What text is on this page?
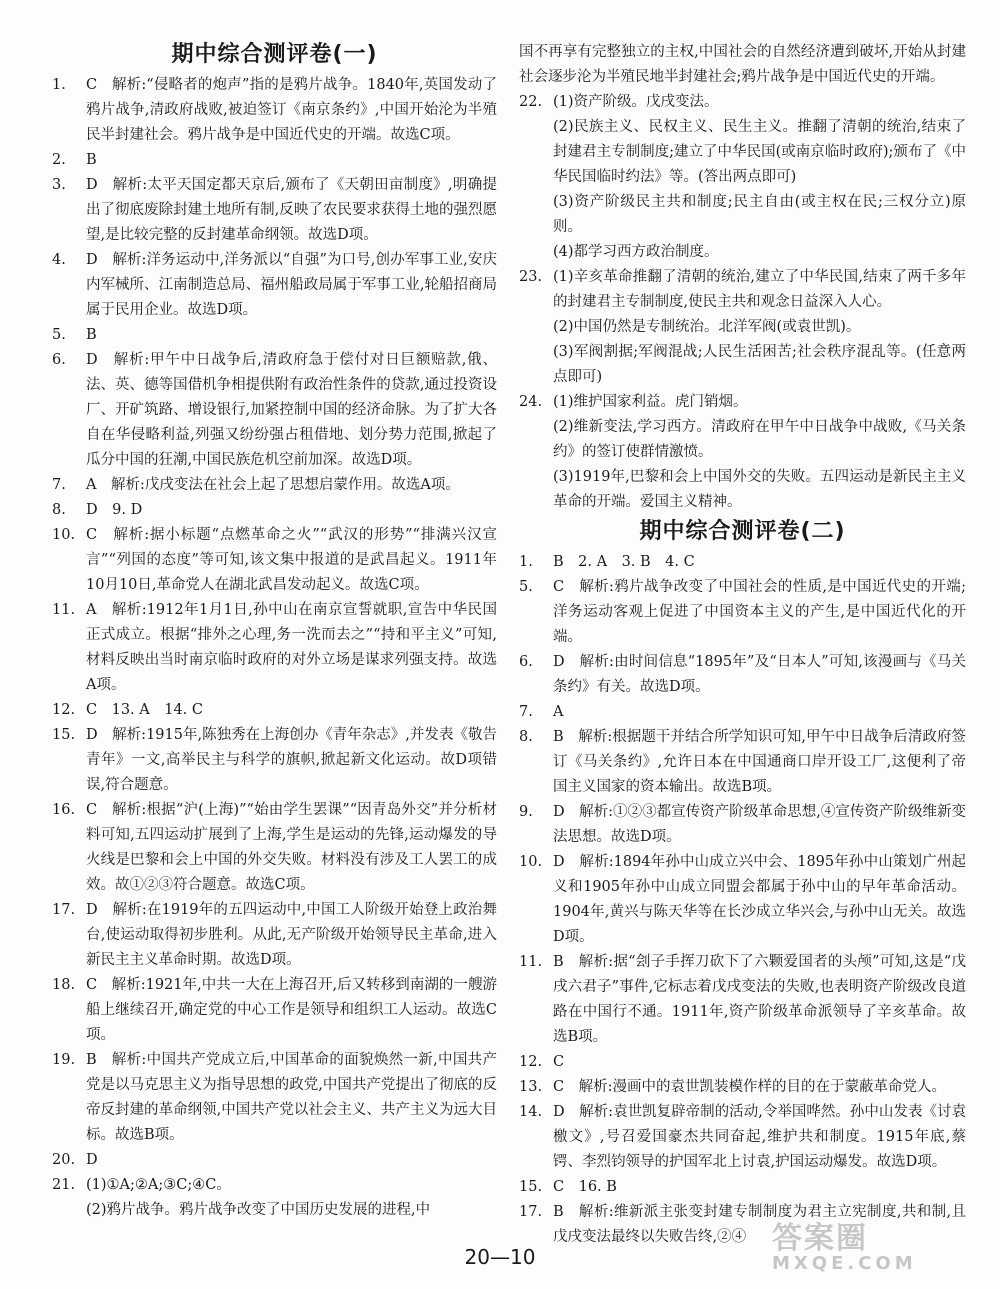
期中综合测评卷(一)
1.	C　解析:“侵略者的炮声”指的是鸦片战争。1840年,英国发动了鸦片战争,清政府战败,被迫签订《南京条约》,中国开始沦为半殖民半封建社会。鸦片战争是中国近代史的开端。故选C项。
2.	B
3.	D　解析:太平天国定都天京后,颁布了《天朝田亩制度》,明确提出了彻底废除封建土地所有制,反映了农民要求获得土地的强烈愿望,是比较完整的反封建革命纲领。故选D项。
4.	D　解析:洋务运动中,洋务派以“自强”为口号,创办军事工业,安庆内军械所、江南制造总局、福州船政局属于军事工业,轮船招商局属于民用企业。故选D项。
5.	B
6.	D　解析:甲午中日战争后,清政府急于偿付对日巨额赔款,俄、法、英、德等国借机争相提供附有政治性条件的贷款,通过投资设厂、开矿筑路、增设银行,加紧控制中国的经济命脉。为了扩大各自在华侵略利益,列强又纷纷强占租借地、划分势力范围,掀起了瓜分中国的狂潮,中国民族危机空前加深。故选D项。
7.	A　解析:戊戌变法在社会上起了思想启蒙作用。故选A项。
8.	D　9. D
10. C　解析:据小标题“点燃革命之火”“武汉的形势”“排满兴汉宣言”“列国的态度”等可知,该文集中报道的是武昌起义。1911年10月10日,革命党人在湖北武昌发动起义。故选C项。
11. A　解析:1912年1月1日,孙中山在南京宣誓就职,宣告中华民国正式成立。根据“排外之心理,务一洗而去之”“持和平主义”可知,材料反映出当时南京临时政府的对外立场是谋求列强支持。故选A项。
12. C　13. A　14. C
15. D　解析:1915年,陈独秀在上海创办《青年杂志》,并发表《敬告青年》一文,高举民主与科学的旗帜,掀起新文化运动。故D项错误,符合题意。
16. C　解析:根据“沪(上海)”“始由学生罢课”“因青岛外交”并分析材料可知,五四运动扩展到了上海,学生是运动的先锋,运动爆发的导火线是巴黎和会上中国的外交失败。材料没有涉及工人罢工的成效。故①②③符合题意。故选C项。
17. D　解析:在1919年的五四运动中,中国工人阶级开始登上政治舞台,使运动取得初步胜利。从此,无产阶级开始领导民主革命,进入新民主主义革命时期。故选D项。
18. C　解析:1921年,中共一大在上海召开,后又转移到南湖的一艘游船上继续召开,确定党的中心工作是领导和组织工人运动。故选C项。
19. B　解析:中国共产党成立后,中国革命的面貌焕然一新,中国共产党是以马克思主义为指导思想的政党,中国共产党提出了彻底的反帝反封建的革命纲领,中国共产党以社会主义、共产主义为远大目标。故选B项。
20. D
21. (1)①A;②A;③C;④C。
(2)鸦片战争。鸦片战争改变了中国历史发展的进程,中
国不再享有完整独立的主权,中国社会的自然经济遭到破坏,开始从封建社会逐步沦为半殖民地半封建社会;鸦片战争是中国近代史的开端。
22. (1)资产阶级。戊戌变法。
(2)民族主义、民权主义、民生主义。推翻了清朝的统治,结束了封建君主专制制度;建立了中华民国(或南京临时政府);颁布了《中华民国临时约法》等。(答出两点即可)
(3)资产阶级民主共和制度;民主自由(或主权在民;三权分立)原则。
(4)都学习西方政治制度。
23. (1)辛亥革命推翻了清朝的统治,建立了中华民国,结束了两千多年的封建君主专制制度,使民主共和观念日益深入人心。
(2)中国仍然是专制统治。北洋军阀(或袁世凯)。
(3)军阀割据;军阀混战;人民生活困苦;社会秩序混乱等。(任意两点即可)
24. (1)维护国家利益。虎门销烟。
(2)维新变法,学习西方。清政府在甲午中日战争中战败,《马关条约》的签订使群情激愤。
(3)1919年,巴黎和会上中国外交的失败。五四运动是新民主主义革命的开端。爱国主义精神。
期中综合测评卷(二)
1.	B　2. A　3. B　4. C
5.	C　解析:鸦片战争改变了中国社会的性质,是中国近代史的开端;洋务运动客观上促进了中国资本主义的产生,是中国近代化的开端。
6.	D　解析:由时间信息“1895年”及“日本人”可知,该漫画与《马关条约》有关。故选D项。
7.	A
8.	B　解析:根据题干并结合所学知识可知,甲午中日战争后清政府签订《马关条约》,允许日本在中国通商口岸开设工厂,这便利了帝国主义国家的资本输出。故选B项。
9.	D　解析:①②③都宣传资产阶级革命思想,④宣传资产阶级维新变法思想。故选D项。
10. D　解析:1894年孙中山成立兴中会、1895年孙中山策划广州起义和1905年孙中山成立同盟会都属于孙中山的早年革命活动。1904年,黄兴与陈天华等在长沙成立华兴会,与孙中山无关。故选D项。
11. B　解析:据“刽子手挥刀砍下了六颗爱国者的头颅”可知,这是“戊戌六君子”事件,它标志着戊戌变法的失败,也表明资产阶级改良道路在中国行不通。1911年,资产阶级革命派领导了辛亥革命。故选B项。
12. C
13. C　解析:漫画中的袁世凯装模作样的目的在于蒙蔽革命党人。
14. D　解析:袁世凯复辟帝制的活动,令举国哗然。孙中山发表《讨袁檄文》,号召爱国豪杰共同奋起,维护共和制度。1915年底,蔡锷、李烈钧领导的护国军北上讨袁,护国运动爆发。故选D项。
15. C　16. B
17. B　解析:维新派主张变封建专制制度为君主立宪制度,共和制,且戊戌变法最终以失败告终,②④
20—10
答案圈
MXQE.COM
